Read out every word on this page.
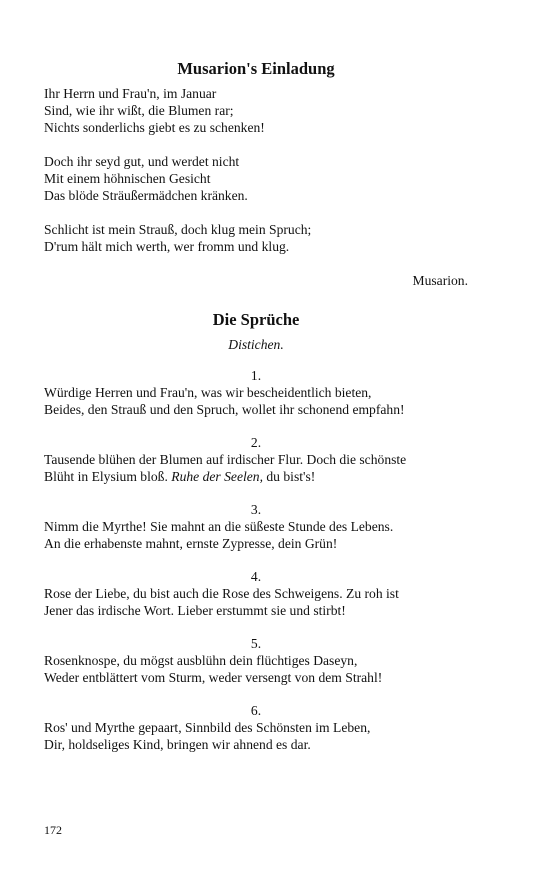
Musarion's Einladung
Ihr Herrn und Frau'n, im Januar
Sind, wie ihr wißt, die Blumen rar;
Nichts sonderlichs giebt es zu schenken!
Doch ihr seyd gut, und werdet nicht
Mit einem höhnischen Gesicht
Das blöde Sträußermädchen kränken.
Schlicht ist mein Strauß, doch klug mein Spruch;
D'rum hält mich werth, wer fromm und klug.
Musarion.
Die Sprüche
Distichen.
1.
Würdige Herren und Frau'n, was wir bescheidentlich bieten,
Beides, den Strauß und den Spruch, wollet ihr schonend empfahn!
2.
Tausende blühen der Blumen auf irdischer Flur. Doch die schönste
Blüht in Elysium bloß. Ruhe der Seelen, du bist's!
3.
Nimm die Myrthe! Sie mahnt an die süßeste Stunde des Lebens.
An die erhabenste mahnt, ernste Zypresse, dein Grün!
4.
Rose der Liebe, du bist auch die Rose des Schweigens. Zu roh ist
Jener das irdische Wort. Lieber erstummt sie und stirbt!
5.
Rosenknospe, du mögst ausblühn dein flüchtiges Daseyn,
Weder entblättert vom Sturm, weder versengt von dem Strahl!
6.
Ros' und Myrthe gepaart, Sinnbild des Schönsten im Leben,
Dir, holdseliges Kind, bringen wir ahnend es dar.
172
